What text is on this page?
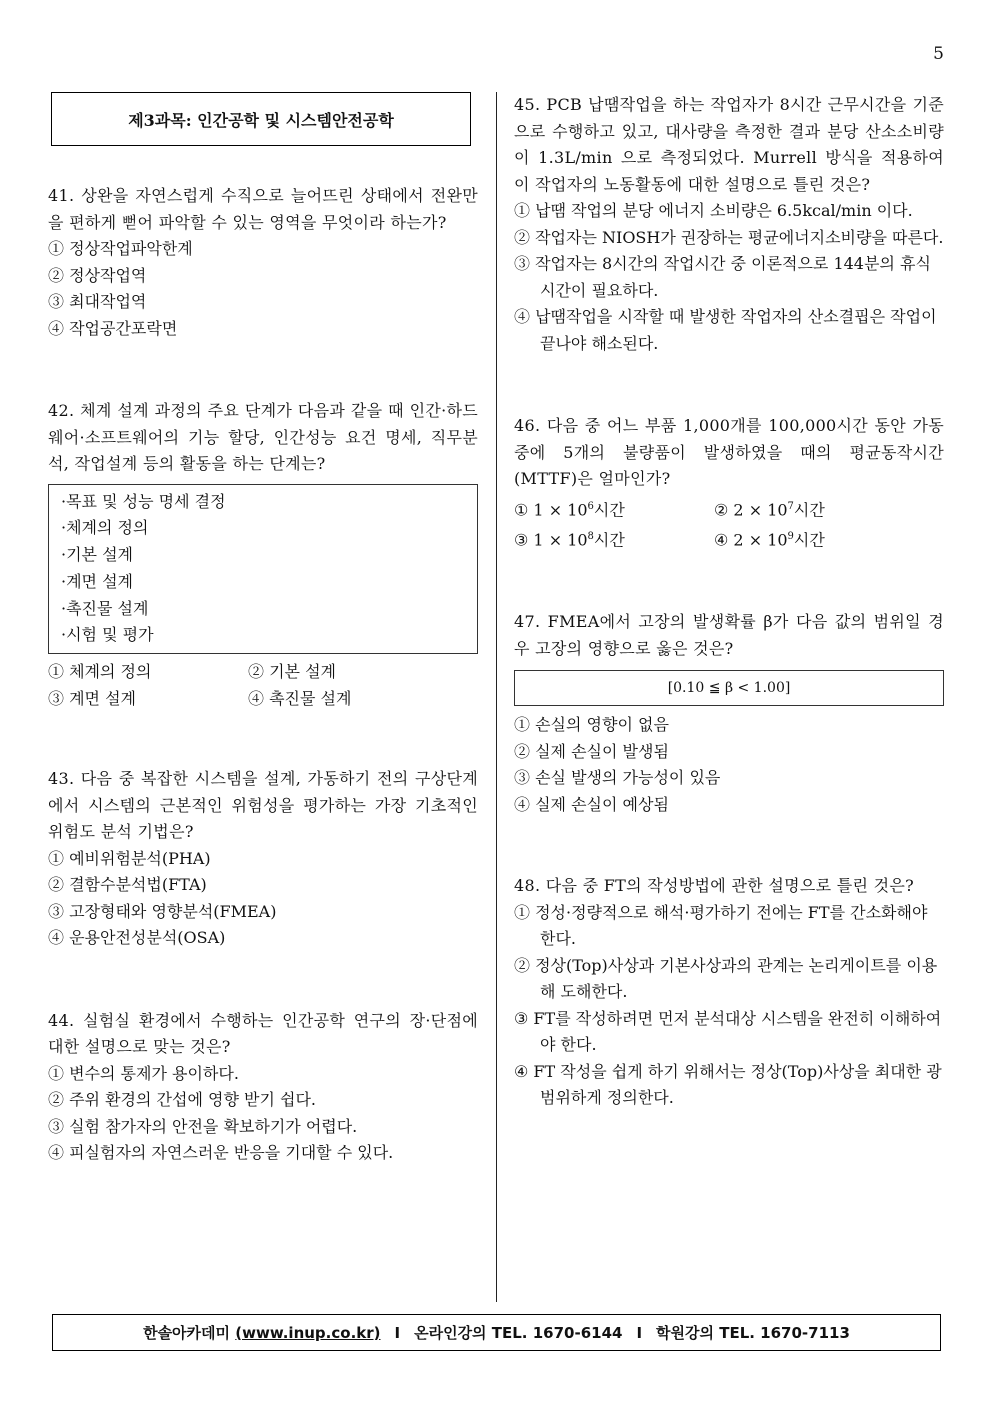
5
제3과목: 인간공학 및 시스템안전공학
41. 상완을 자연스럽게 수직으로 늘어뜨린 상태에서 전완만을 편하게 뻗어 파악할 수 있는 영역을 무엇이라 하는가?
① 정상작업파악한계
② 정상작업역
③ 최대작업역
④ 작업공간포락면
42. 체계 설계 과정의 주요 단계가 다음과 같을 때 인간·하드웨어·소프트웨어의 기능 할당, 인간성능 요건 명세, 직무분석, 작업설계 등의 활동을 하는 단계는?
·목표 및 성능 명세 결정
·체계의 정의
·기본 설계
·계면 설계
·촉진물 설계
·시험 및 평가
① 체계의 정의	② 기본 설계
③ 계면 설계	④ 촉진물 설계
43. 다음 중 복잡한 시스템을 설계, 가동하기 전의 구상단계에서 시스템의 근본적인 위험성을 평가하는 가장 기초적인 위험도 분석 기법은?
① 예비위험분석(PHA)
② 결함수분석법(FTA)
③ 고장형태와 영향분석(FMEA)
④ 운용안전성분석(OSA)
44. 실험실 환경에서 수행하는 인간공학 연구의 장·단점에 대한 설명으로 맞는 것은?
① 변수의 통제가 용이하다.
② 주위 환경의 간섭에 영향 받기 쉽다.
③ 실험 참가자의 안전을 확보하기가 어렵다.
④ 피실험자의 자연스러운 반응을 기대할 수 있다.
45. PCB 납땜작업을 하는 작업자가 8시간 근무시간을 기준으로 수행하고 있고, 대사량을 측정한 결과 분당 산소소비량이 1.3L/min 으로 측정되었다. Murrell 방식을 적용하여 이 작업자의 노동활동에 대한 설명으로 틀린 것은?
① 납땜 작업의 분당 에너지 소비량은 6.5kcal/min 이다.
② 작업자는 NIOSH가 권장하는 평균에너지소비량을 따른다.
③ 작업자는 8시간의 작업시간 중 이론적으로 144분의 휴식시간이 필요하다.
④ 납땜작업을 시작할 때 발생한 작업자의 산소결핍은 작업이 끝나야 해소된다.
46. 다음 중 어느 부품 1,000개를 100,000시간 동안 가동 중에 5개의 불량품이 발생하였을 때의 평균동작시간(MTTF)은 얼마인가?
① $1 \times 10^6$시간	② $2 \times 10^7$시간
③ $1 \times 10^8$시간	④ $2 \times 10^9$시간
47. FMEA에서 고장의 발생확률 β가 다음 값의 범위일 경우 고장의 영향으로 옳은 것은?
[0.10 ≦ β < 1.00]
① 손실의 영향이 없음
② 실제 손실이 발생됨
③ 손실 발생의 가능성이 있음
④ 실제 손실이 예상됨
48. 다음 중 FT의 작성방법에 관한 설명으로 틀린 것은?
① 정성·정량적으로 해석·평가하기 전에는 FT를 간소화해야 한다.
② 정상(Top)사상과 기본사상과의 관계는 논리게이트를 이용해 도해한다.
③ FT를 작성하려면 먼저 분석대상 시스템을 완전히 이해하여야 한다.
④ FT 작성을 쉽게 하기 위해서는 정상(Top)사상을 최대한 광범위하게 정의한다.
한솔아카데미
(www.inup.co.kr) I 온라인강의 TEL. 1670-6144 I 학원강의 TEL. 1670-7113
